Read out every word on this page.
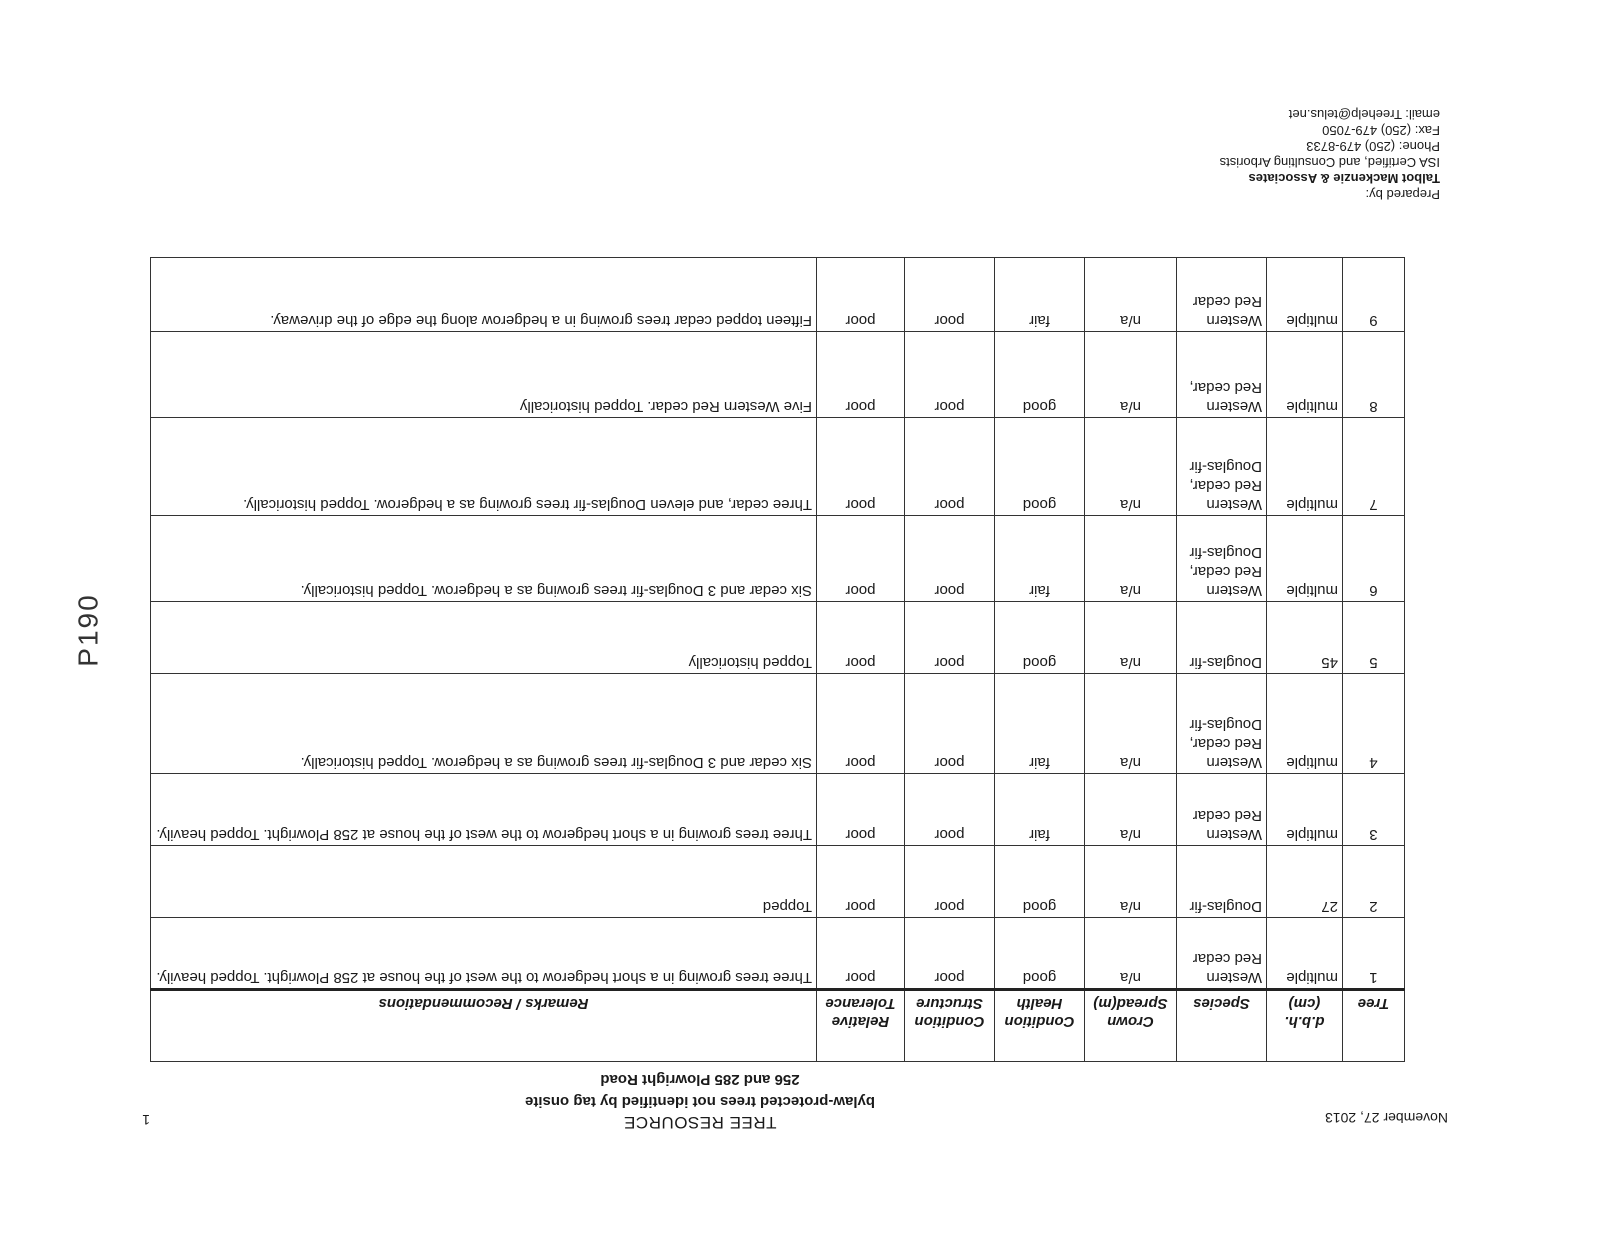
November 27, 2013
1	TREE RESOURCE
bylaw-protected trees not identified by tag onsite
256 and 285 Plowright Road
P190
Tree	d.b.h. (cm)	Species	Crown Spread(m)	Condition Health	Condition Structure	Relative Tolerance	Remarks / Recommendations
1	multiple	Western Red cedar	n/a	good	poor	poor	Three trees growing in a short hedgerow to the west of the house at 258 Plowright. Topped heavily.
2	27	Douglas-fir	n/a	good	poor	poor	Topped
3	multiple	Western Red cedar	n/a	fair	poor	poor	Three trees growing in a short hedgerow to the west of the house at 258 Plowright. Topped heavily.
4	multiple	Western Red cedar, Douglas-fir	n/a	fair	poor	poor	Six cedar and 3 Douglas-fir trees growing as a hedgerow. Topped historically.
5	45	Douglas-fir	n/a	good	poor	poor	Topped historically
6	multiple	Western Red cedar, Douglas-fir	n/a	fair	poor	poor	Six cedar and 3 Douglas-fir trees growing as a hedgerow. Topped historically.
7	multiple	Western Red cedar, Douglas-fir	n/a	good	poor	poor	Three cedar, and eleven Douglas-fir trees growing as a hedgerow. Topped historically.
8	multiple	Western Red cedar,	n/a	good	poor	poor	Five Western Red cedar. Topped historically
9	multiple	Western Red cedar	n/a	fair	poor	poor	Fifteen topped cedar trees growing in a hedgerow along the edge of the driveway.
Prepared by:
Talbot Mackenzie & Associates
ISA Certified, and Consulting Arborists
Phone: (250) 479-8733
Fax: (250) 479-7050
email: Treehelp@telus.net
